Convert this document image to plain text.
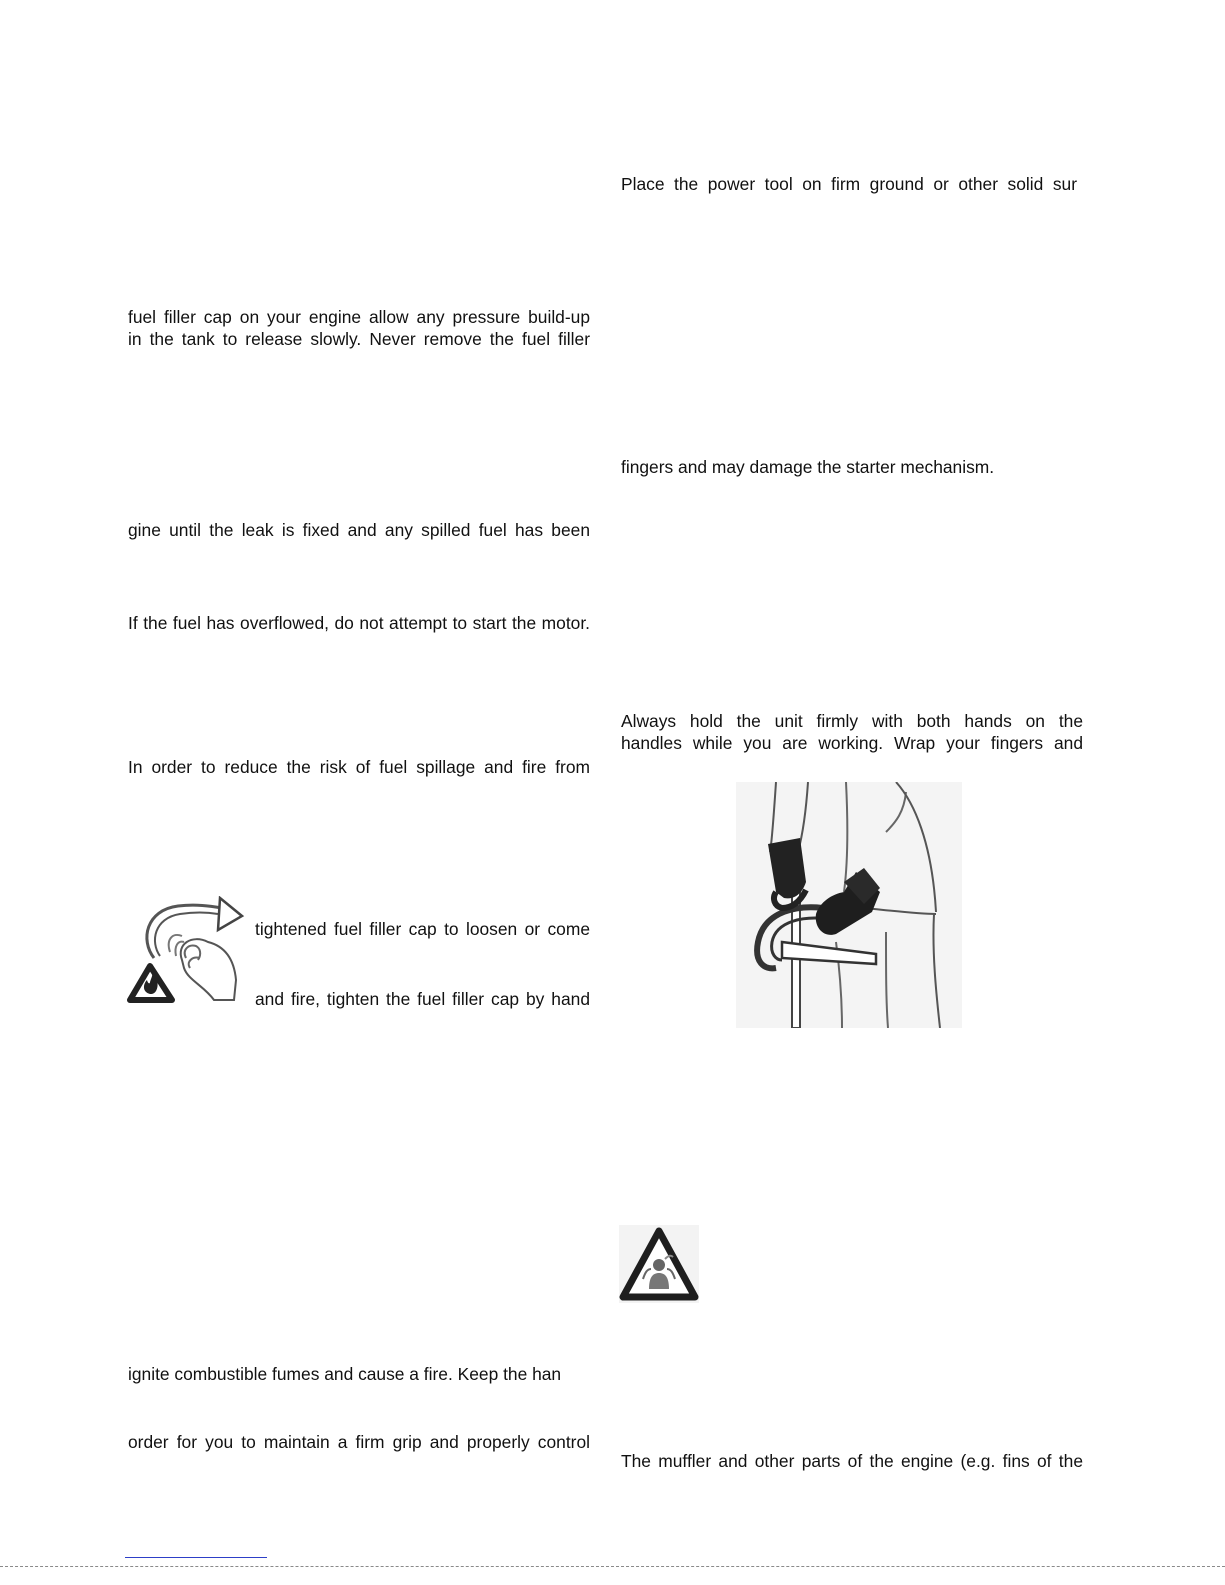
fuel filler cap on your engine allow any pressure build-up
in the tank to release slowly. Never remove the fuel filler
gine until the leak is fixed and any spilled fuel has been
If the fuel has overflowed, do not attempt to start the motor.
In order to reduce the risk of fuel spillage and fire from
tightened fuel filler cap to loosen or come
and fire, tighten the fuel filler cap by hand
ignite combustible fumes and cause a fire. Keep the han
order for you to maintain a firm grip and properly control
Place the power tool on firm ground or other solid sur
fingers and may damage the starter mechanism.
Always hold the unit firmly with both hands on the
handles while you are working. Wrap your fingers and
The muffler and other parts of the engine (e.g. fins of the
